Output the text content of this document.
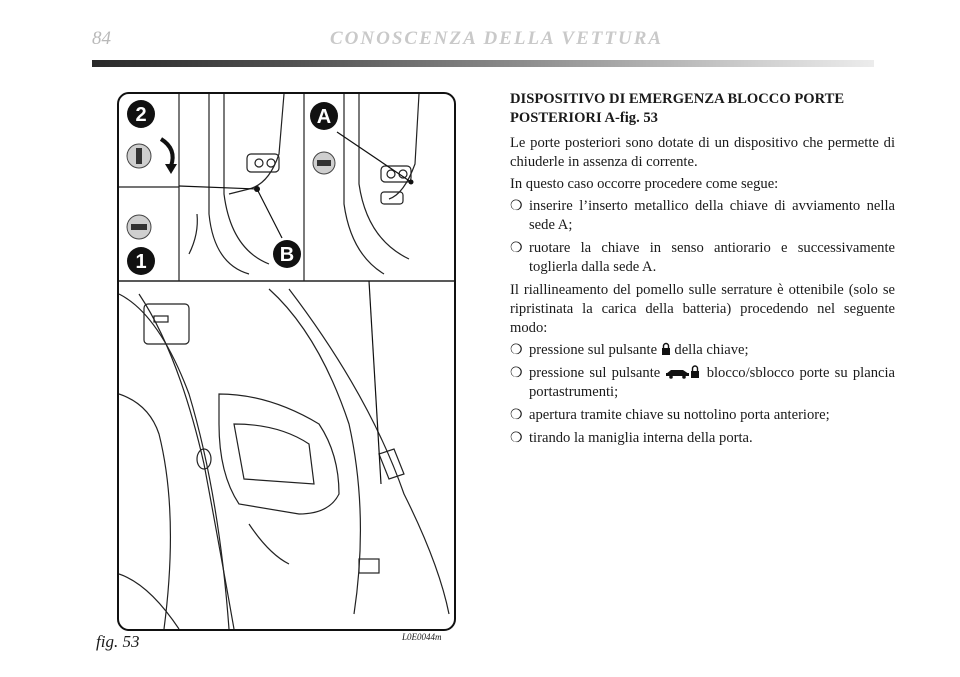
84	CONOSCENZA DELLA VETTURA
2	A
1	B
fig. 53	L0E0044m
DISPOSITIVO DI EMERGENZA BLOCCO PORTE
POSTERIORI A-fig. 53

Le porte posteriori sono dotate di un dispositivo che permette di chiuderle in assenza di corrente.

In questo caso occorre procedere come segue:

❍ inserire l’inserto metallico della chiave di avviamento nella sede A;
❍ ruotare la chiave in senso antiorario e successivamente toglierla dalla sede A.

Il riallineamento del pomello sulle serrature è ottenibile (solo se ripristinata la carica della batteria) procedendo nel seguente modo:

❍ pressione sul pulsante della chiave;
❍ pressione sul pulsante	blocco/sblocco porte su plancia portastrumenti;
❍ apertura tramite chiave su nottolino porta anteriore;
❍ tirando la maniglia interna della porta.
